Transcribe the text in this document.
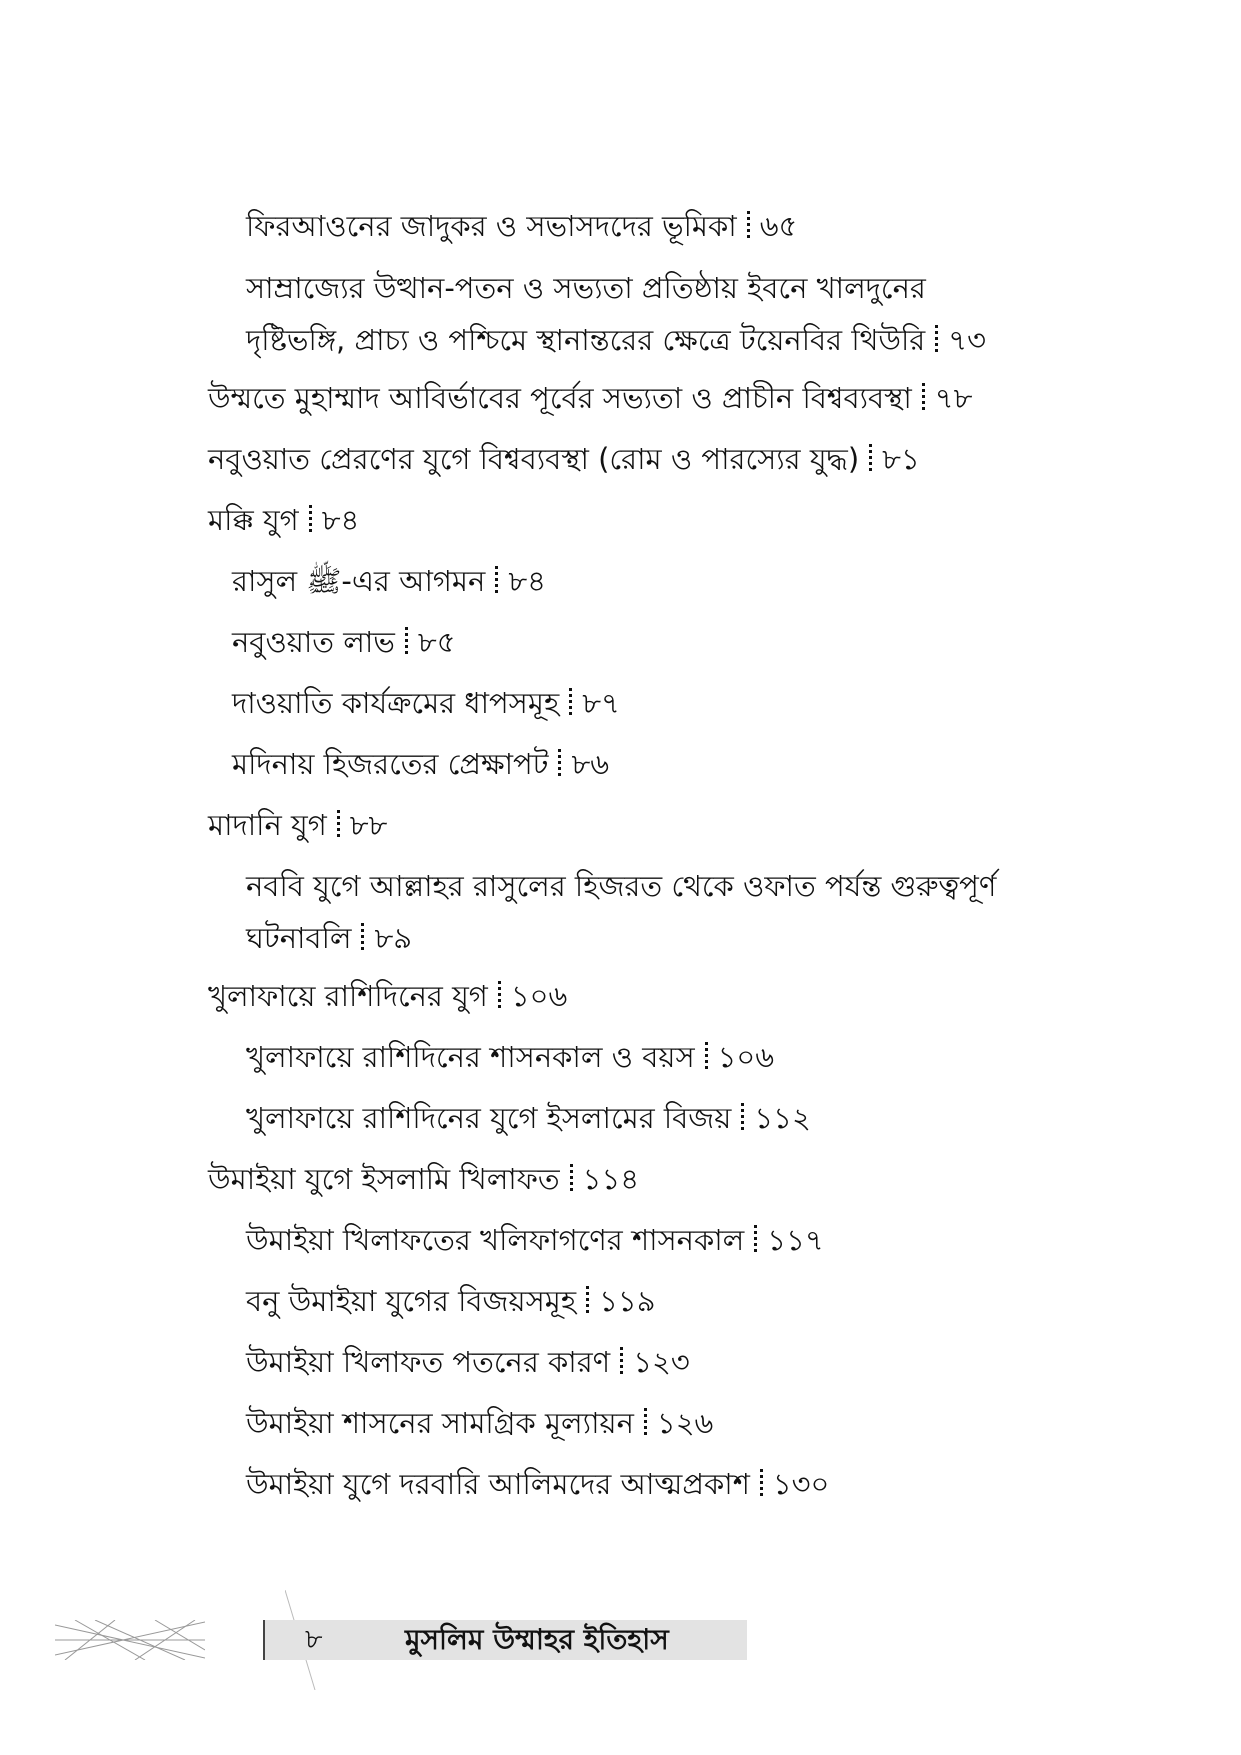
ফিরআওনের জাদুকর ও সভাসদদের ভূমিকা ৬৫
সাম্রাজ্যের উত্থান-পতন ও সভ্যতা প্রতিষ্ঠায় ইবনে খালদুনের দৃষ্টিভঙ্গি, প্রাচ্য ও পশ্চিমে স্থানান্তরের ক্ষেত্রে টয়েনবির থিউরি ৭৩
উম্মতে মুহাম্মাদ আবির্ভাবের পূর্বের সভ্যতা ও প্রাচীন বিশ্বব্যবস্থা ৭৮
নবুওয়াত প্রেরণের যুগে বিশ্বব্যবস্থা (রোম ও পারস্যের যুদ্ধ) ৮১
মক্কি যুগ ৮৪
রাসুল ﷺ-এর আগমন ৮৪
নবুওয়াত লাভ ৮৫
দাওয়াতি কার্যক্রমের ধাপসমূহ ৮৭
মদিনায় হিজরতের প্রেক্ষাপট ৮৬
মাদানি যুগ ৮৮
নববি যুগে আল্লাহর রাসুলের হিজরত থেকে ওফাত পর্যন্ত গুরুত্বপূর্ণ ঘটনাবলি ৮৯
খুলাফায়ে রাশিদিনের যুগ ১০৬
খুলাফায়ে রাশিদিনের শাসনকাল ও বয়স ১০৬
খুলাফায়ে রাশিদিনের যুগে ইসলামের বিজয় ১১২
উমাইয়া যুগে ইসলামি খিলাফত ১১৪
উমাইয়া খিলাফতের খলিফাগণের শাসনকাল ১১৭
বনু উমাইয়া যুগের বিজয়সমূহ ১১৯
উমাইয়া খিলাফত পতনের কারণ ১২৩
উমাইয়া শাসনের সামগ্রিক মূল্যায়ন ১২৬
উমাইয়া যুগে দরবারি আলিমদের আত্মপ্রকাশ ১৩০
৮	মুসলিম উম্মাহর ইতিহাস
